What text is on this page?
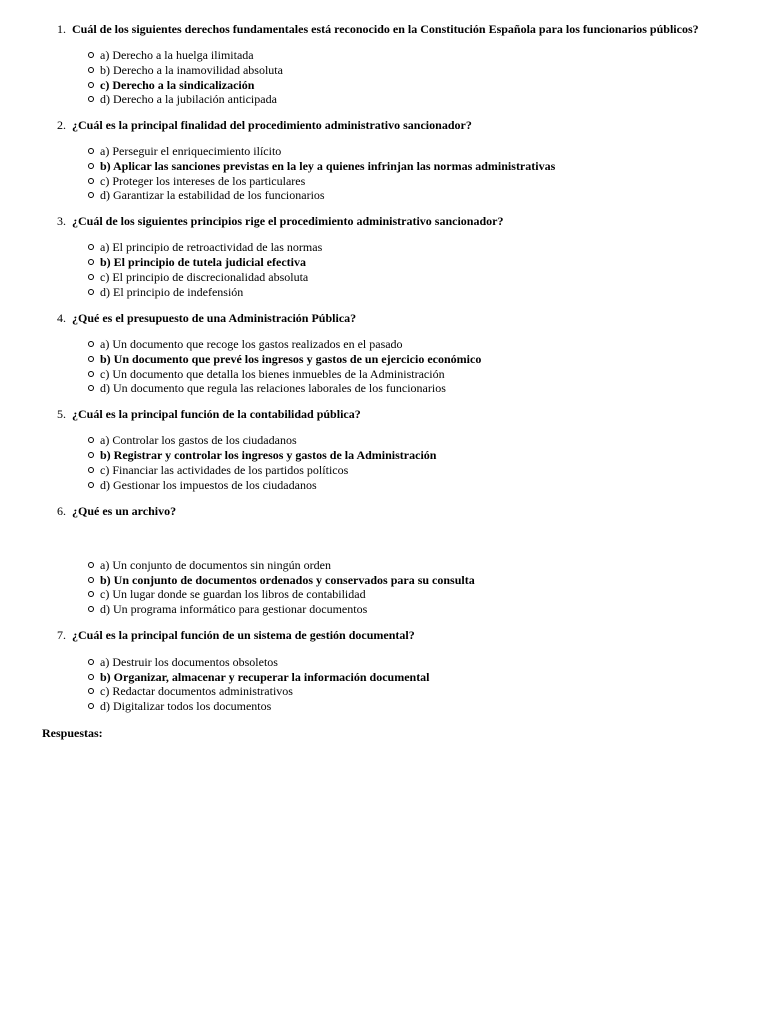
1. Cuál de los siguientes derechos fundamentales está reconocido en la Constitución Española para los funcionarios públicos?
a) Derecho a la huelga ilimitada
b) Derecho a la inamovilidad absoluta
c) Derecho a la sindicalización
d) Derecho a la jubilación anticipada
2. ¿Cuál es la principal finalidad del procedimiento administrativo sancionador?
a) Perseguir el enriquecimiento ilícito
b) Aplicar las sanciones previstas en la ley a quienes infrinjan las normas administrativas
c) Proteger los intereses de los particulares
d) Garantizar la estabilidad de los funcionarios
3. ¿Cuál de los siguientes principios rige el procedimiento administrativo sancionador?
a) El principio de retroactividad de las normas
b) El principio de tutela judicial efectiva
c) El principio de discrecionalidad absoluta
d) El principio de indefensión
4. ¿Qué es el presupuesto de una Administración Pública?
a) Un documento que recoge los gastos realizados en el pasado
b) Un documento que prevé los ingresos y gastos de un ejercicio económico
c) Un documento que detalla los bienes inmuebles de la Administración
d) Un documento que regula las relaciones laborales de los funcionarios
5. ¿Cuál es la principal función de la contabilidad pública?
a) Controlar los gastos de los ciudadanos
b) Registrar y controlar los ingresos y gastos de la Administración
c) Financiar las actividades de los partidos políticos
d) Gestionar los impuestos de los ciudadanos
6. ¿Qué es un archivo?
a) Un conjunto de documentos sin ningún orden
b) Un conjunto de documentos ordenados y conservados para su consulta
c) Un lugar donde se guardan los libros de contabilidad
d) Un programa informático para gestionar documentos
7. ¿Cuál es la principal función de un sistema de gestión documental?
a) Destruir los documentos obsoletos
b) Organizar, almacenar y recuperar la información documental
c) Redactar documentos administrativos
d) Digitalizar todos los documentos
Respuestas:
